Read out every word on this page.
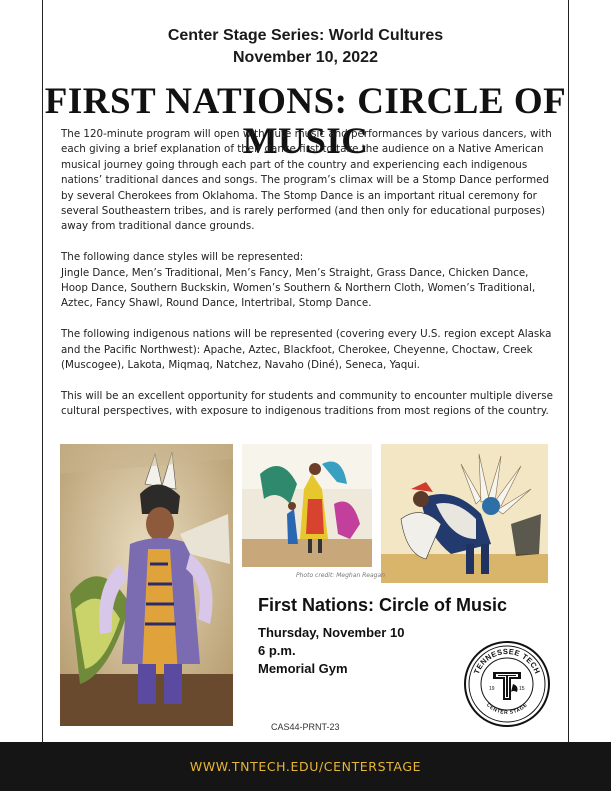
Center Stage Series: World Cultures
November 10, 2022
FIRST NATIONS: CIRCLE OF MUSIC

The 120-minute program will open with flute music and performances by various dancers, with each giving a brief explanation of their dance first to take the audience on a Native American musical journey going through each part of the country and experiencing each indigenous nations’ traditional dances and songs. The program’s climax will be a Stomp Dance performed by several Cherokees from Oklahoma. The Stomp Dance is an important ritual ceremony for several Southeastern tribes, and is rarely performed (and then only for educational purposes) away from traditional dance grounds.

The following dance styles will be represented:
Jingle Dance, Men’s Traditional, Men’s Fancy, Men’s Straight, Grass Dance, Chicken Dance, Hoop Dance, Southern Buckskin, Women’s Southern & Northern Cloth, Women’s Traditional, Aztec, Fancy Shawl, Round Dance, Intertribal, Stomp Dance.

The following indigenous nations will be represented (covering every U.S. region except Alaska and the Pacific Northwest): Apache, Aztec, Blackfoot, Cherokee, Cheyenne, Choctaw, Creek (Muscogee), Lakota, Miqmaq, Natchez, Navaho (Diné), Seneca, Yaqui.

This will be an excellent opportunity for students and community to encounter multiple diverse cultural perspectives, with exposure to indigenous traditions from most regions of the country.

Photo credit: Meghan Reagan
First Nations: Circle of Music
Thursday, November 10
6 p.m.
Memorial Gym	TENNESSEE TECH
CENTER STAGE
19	15
CAS44-PRNT-23
WWW.TNTECH.EDU/CENTERSTAGE
